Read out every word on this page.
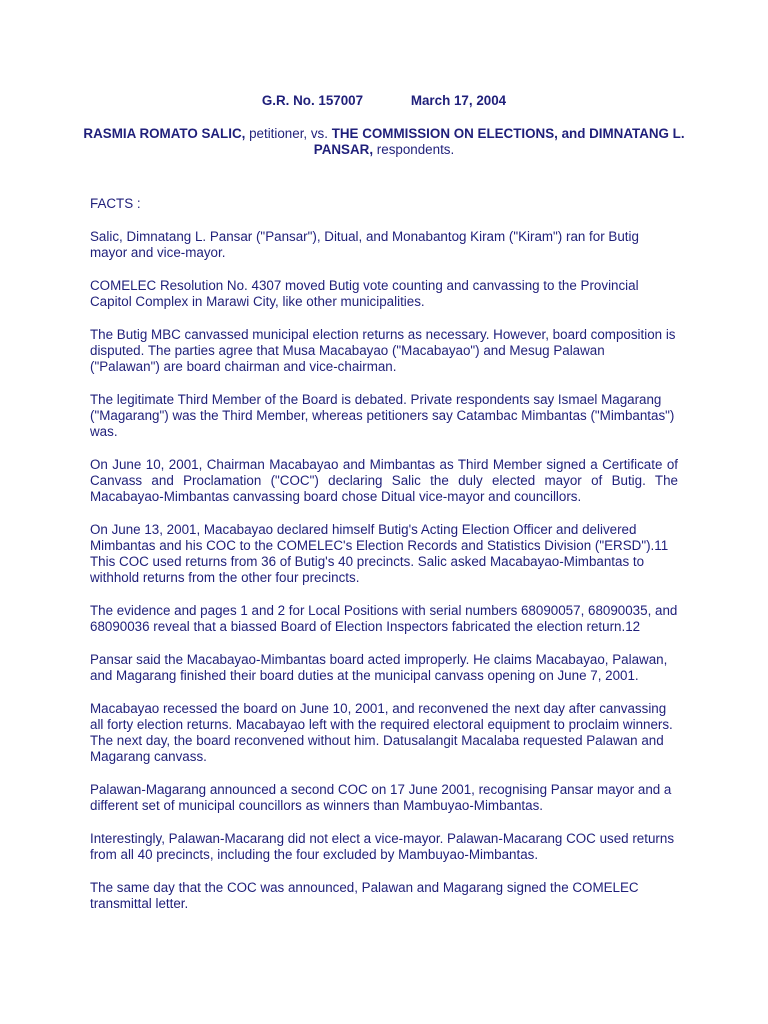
G.R. No. 157007	March 17, 2004
RASMIA ROMATO SALIC, petitioner, vs. THE COMMISSION ON ELECTIONS, and DIMNATANG L. PANSAR, respondents.

FACTS :

Salic, Dimnatang L. Pansar ("Pansar"), Ditual, and Monabantog Kiram ("Kiram") ran for Butig mayor and vice-mayor.

COMELEC Resolution No. 4307 moved Butig vote counting and canvassing to the Provincial Capitol Complex in Marawi City, like other municipalities.

The Butig MBC canvassed municipal election returns as necessary. However, board composition is disputed. The parties agree that Musa Macabayao ("Macabayao") and Mesug Palawan ("Palawan") are board chairman and vice-chairman.

The legitimate Third Member of the Board is debated. Private respondents say Ismael Magarang ("Magarang") was the Third Member, whereas petitioners say Catambac Mimbantas ("Mimbantas") was.

On June 10, 2001, Chairman Macabayao and Mimbantas as Third Member signed a Certificate of Canvass and Proclamation ("COC") declaring Salic the duly elected mayor of Butig. The Macabayao-Mimbantas canvassing board chose Ditual vice-mayor and councillors.

On June 13, 2001, Macabayao declared himself Butig's Acting Election Officer and delivered Mimbantas and his COC to the COMELEC's Election Records and Statistics Division ("ERSD").11 This COC used returns from 36 of Butig's 40 precincts. Salic asked Macabayao-Mimbantas to withhold returns from the other four precincts.

The evidence and pages 1 and 2 for Local Positions with serial numbers 68090057, 68090035, and 68090036 reveal that a biassed Board of Election Inspectors fabricated the election return.12

Pansar said the Macabayao-Mimbantas board acted improperly. He claims Macabayao, Palawan, and Magarang finished their board duties at the municipal canvass opening on June 7, 2001.

Macabayao recessed the board on June 10, 2001, and reconvened the next day after canvassing all forty election returns. Macabayao left with the required electoral equipment to proclaim winners. The next day, the board reconvened without him. Datusalangit Macalaba requested Palawan and Magarang canvass.

Palawan-Magarang announced a second COC on 17 June 2001, recognising Pansar mayor and a different set of municipal councillors as winners than Mambuyao-Mimbantas.

Interestingly, Palawan-Macarang did not elect a vice-mayor. Palawan-Macarang COC used returns from all 40 precincts, including the four excluded by Mambuyao-Mimbantas.

The same day that the COC was announced, Palawan and Magarang signed the COMELEC transmittal letter.
